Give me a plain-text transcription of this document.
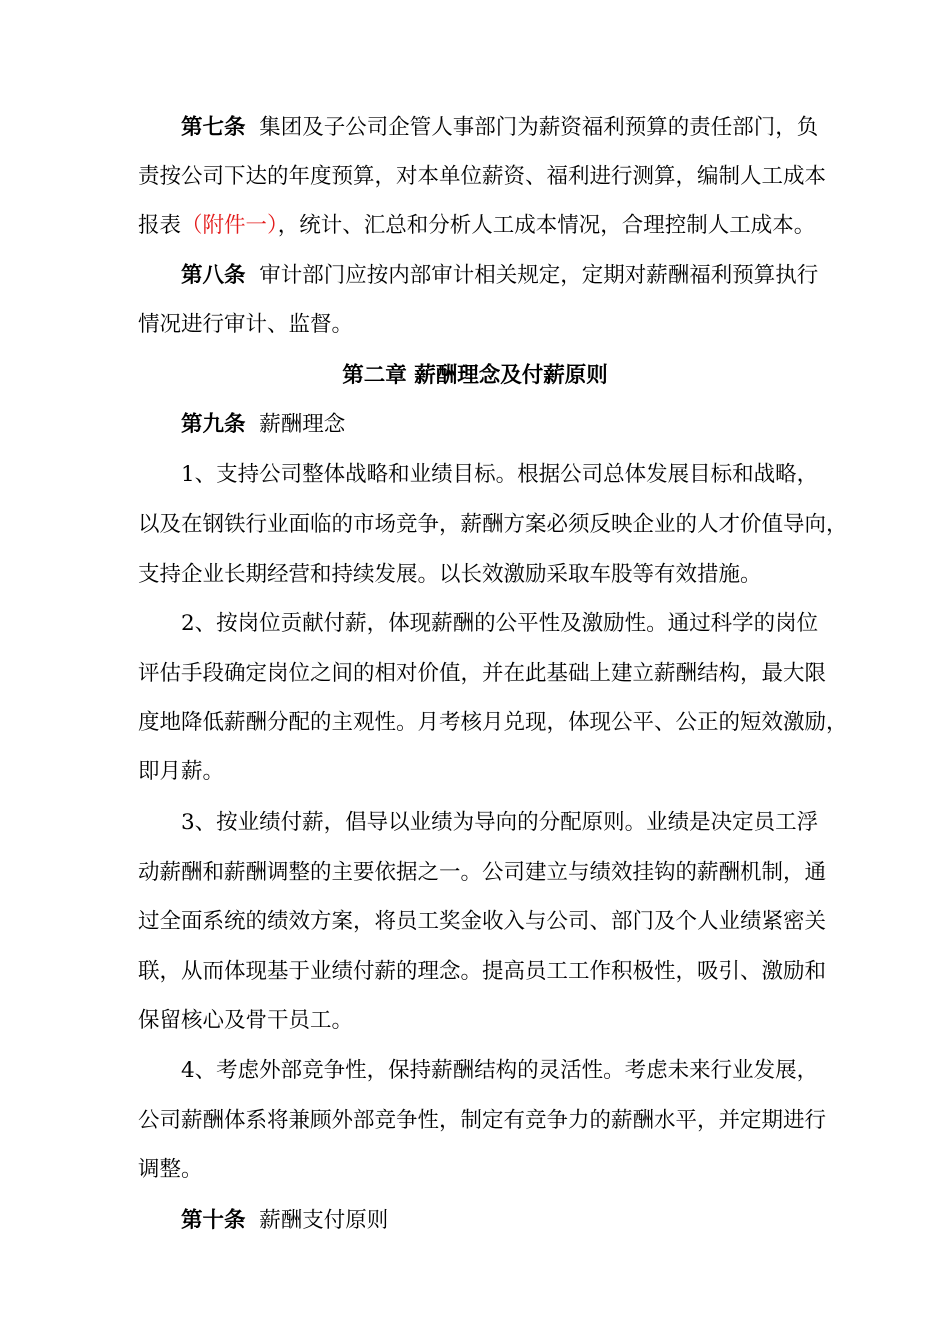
第七条 集团及子公司企管人事部门为薪资福利预算的责任部门，负
责按公司下达的年度预算，对本单位薪资、福利进行测算，编制人工成本
报表（附件一），统计、汇总和分析人工成本情况，合理控制人工成本。
第八条 审计部门应按内部审计相关规定，定期对薪酬福利预算执行
情况进行审计、监督。
第二章 薪酬理念及付薪原则
第九条 薪酬理念
1、支持公司整体战略和业绩目标。根据公司总体发展目标和战略，
以及在钢铁行业面临的市场竞争，薪酬方案必须反映企业的人才价值导向，
支持企业长期经营和持续发展。以长效激励采取车股等有效措施。
2、按岗位贡献付薪，体现薪酬的公平性及激励性。通过科学的岗位
评估手段确定岗位之间的相对价值，并在此基础上建立薪酬结构，最大限
度地降低薪酬分配的主观性。月考核月兑现，体现公平、公正的短效激励，
即月薪。
3、按业绩付薪，倡导以业绩为导向的分配原则。业绩是决定员工浮
动薪酬和薪酬调整的主要依据之一。公司建立与绩效挂钩的薪酬机制，通
过全面系统的绩效方案，将员工奖金收入与公司、部门及个人业绩紧密关
联，从而体现基于业绩付薪的理念。提高员工工作积极性，吸引、激励和
保留核心及骨干员工。
4、考虑外部竞争性，保持薪酬结构的灵活性。考虑未来行业发展，
公司薪酬体系将兼顾外部竞争性，制定有竞争力的薪酬水平，并定期进行
调整。
第十条 薪酬支付原则
